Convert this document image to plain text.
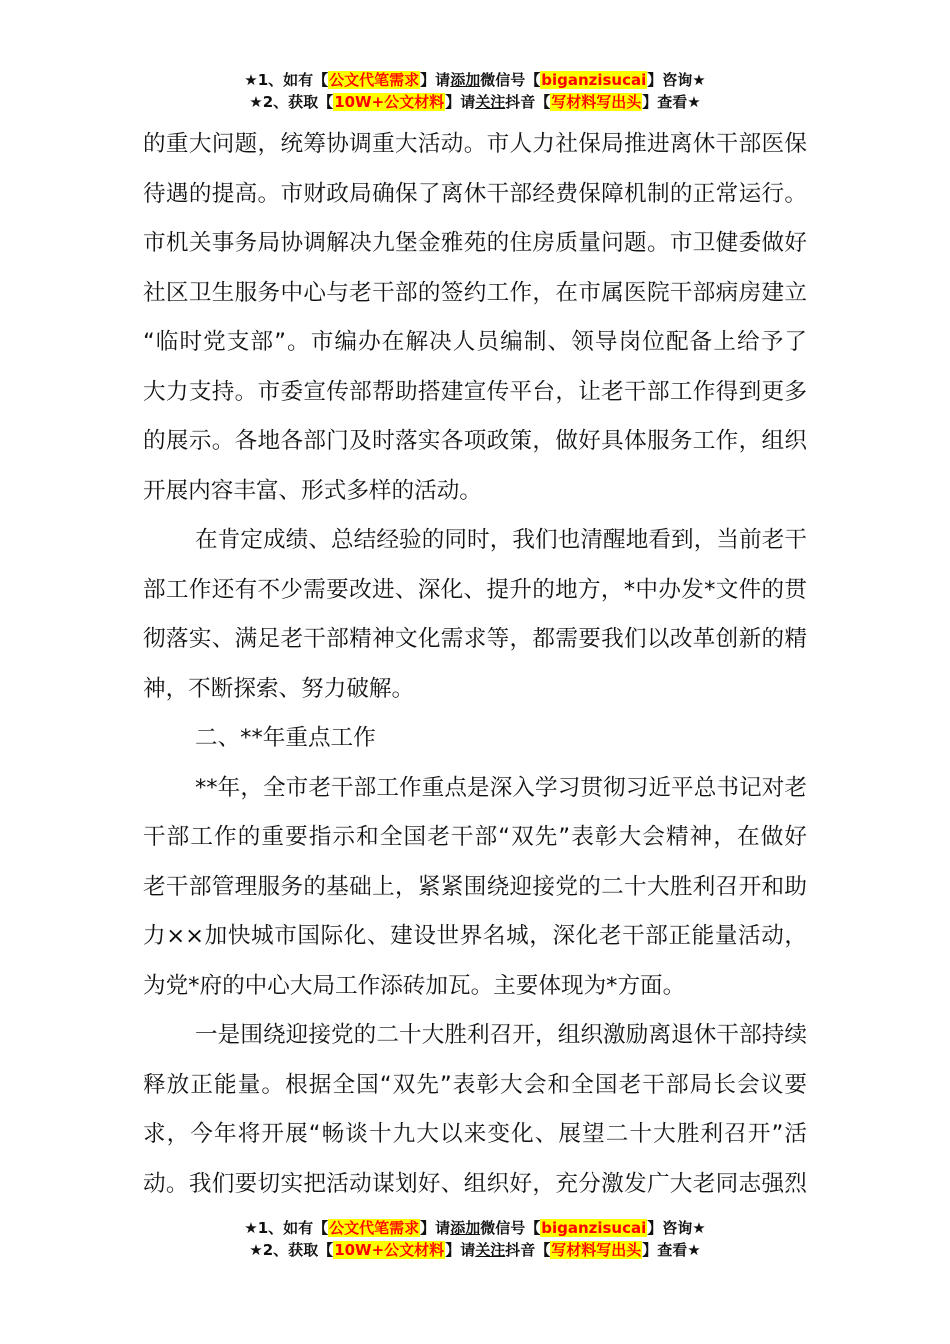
★1、如有【公文代笔需求】请添加微信号【biganzisucai】咨询★
★2、获取【10W+公文材料】请关注抖音【写材料写出头】查看★
的重大问题，统筹协调重大活动。市人力社保局推进离休干部医保
待遇的提高。市财政局确保了离休干部经费保障机制的正常运行。
市机关事务局协调解决九堡金雅苑的住房质量问题。市卫健委做好
社区卫生服务中心与老干部的签约工作，在市属医院干部病房建立
“临时党支部”。市编办在解决人员编制、领导岗位配备上给予了
大力支持。市委宣传部帮助搭建宣传平台，让老干部工作得到更多
的展示。各地各部门及时落实各项政策，做好具体服务工作，组织
开展内容丰富、形式多样的活动。
在肯定成绩、总结经验的同时，我们也清醒地看到，当前老干
部工作还有不少需要改进、深化、提升的地方，*中办发*文件的贯
彻落实、满足老干部精神文化需求等，都需要我们以改革创新的精
神，不断探索、努力破解。
二、**年重点工作
**年，全市老干部工作重点是深入学习贯彻习近平总书记对老
干部工作的重要指示和全国老干部“双先”表彰大会精神，在做好
老干部管理服务的基础上，紧紧围绕迎接党的二十大胜利召开和助
力××加快城市国际化、建设世界名城，深化老干部正能量活动，
为党*府的中心大局工作添砖加瓦。主要体现为*方面。
一是围绕迎接党的二十大胜利召开，组织激励离退休干部持续
释放正能量。根据全国“双先”表彰大会和全国老干部局长会议要
求，今年将开展“畅谈十九大以来变化、展望二十大胜利召开”活
动。我们要切实把活动谋划好、组织好，充分激发广大老同志强烈
★1、如有【公文代笔需求】请添加微信号【biganzisucai】咨询★
★2、获取【10W+公文材料】请关注抖音【写材料写出头】查看★
